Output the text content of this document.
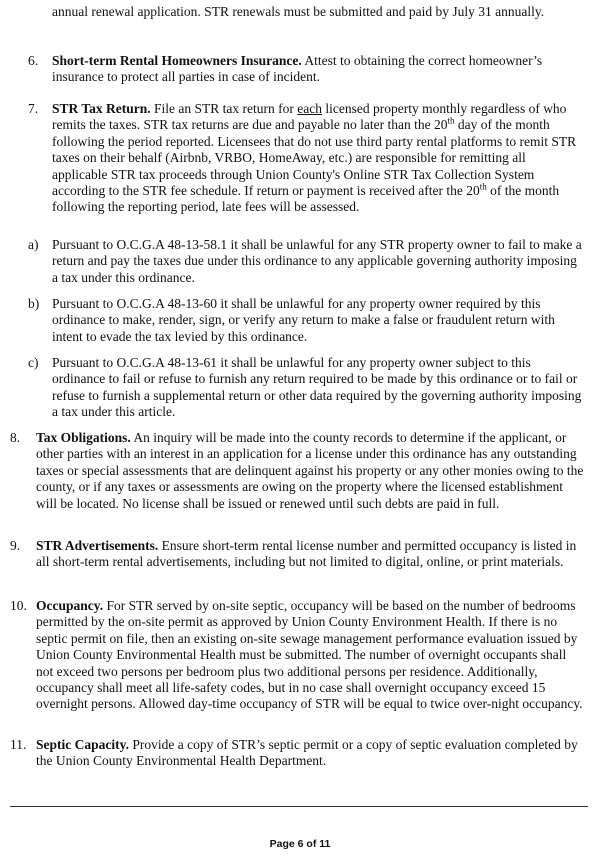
annual renewal application. STR renewals must be submitted and paid by July 31 annually.

6. Short-term Rental Homeowners Insurance. Attest to obtaining the correct homeowner’s insurance to protect all parties in case of incident.

7. STR Tax Return. File an STR tax return for each licensed property monthly regardless of who remits the taxes. STR tax returns are due and payable no later than the 20th day of the month following the period reported. Licensees that do not use third party rental platforms to remit STR taxes on their behalf (Airbnb, VRBO, HomeAway, etc.) are responsible for remitting all applicable STR tax proceeds through Union County's Online STR Tax Collection System according to the STR fee schedule. If return or payment is received after the 20th of the month following the reporting period, late fees will be assessed.

a) Pursuant to O.C.G.A 48-13-58.1 it shall be unlawful for any STR property owner to fail to make a return and pay the taxes due under this ordinance to any applicable governing authority imposing a tax under this ordinance.

b) Pursuant to O.C.G.A 48-13-60 it shall be unlawful for any property owner required by this ordinance to make, render, sign, or verify any return to make a false or fraudulent return with intent to evade the tax levied by this ordinance.

c) Pursuant to O.C.G.A 48-13-61 it shall be unlawful for any property owner subject to this ordinance to fail or refuse to furnish any return required to be made by this ordinance or to fail or refuse to furnish a supplemental return or other data required by the governing authority imposing a tax under this article.

8. Tax Obligations. An inquiry will be made into the county records to determine if the applicant, or other parties with an interest in an application for a license under this ordinance has any outstanding taxes or special assessments that are delinquent against his property or any other monies owing to the county, or if any taxes or assessments are owing on the property where the licensed establishment will be located. No license shall be issued or renewed until such debts are paid in full.

9. STR Advertisements. Ensure short-term rental license number and permitted occupancy is listed in all short-term rental advertisements, including but not limited to digital, online, or print materials.

10. Occupancy. For STR served by on-site septic, occupancy will be based on the number of bedrooms permitted by the on-site permit as approved by Union County Environment Health. If there is no septic permit on file, then an existing on-site sewage management performance evaluation issued by Union County Environmental Health must be submitted. The number of overnight occupants shall not exceed two persons per bedroom plus two additional persons per residence. Additionally, occupancy shall meet all life-safety codes, but in no case shall overnight occupancy exceed 15 overnight persons. Allowed day-time occupancy of STR will be equal to twice over-night occupancy.

11. Septic Capacity. Provide a copy of STR’s septic permit or a copy of septic evaluation completed by the Union County Environmental Health Department.

Page 6 of 11
